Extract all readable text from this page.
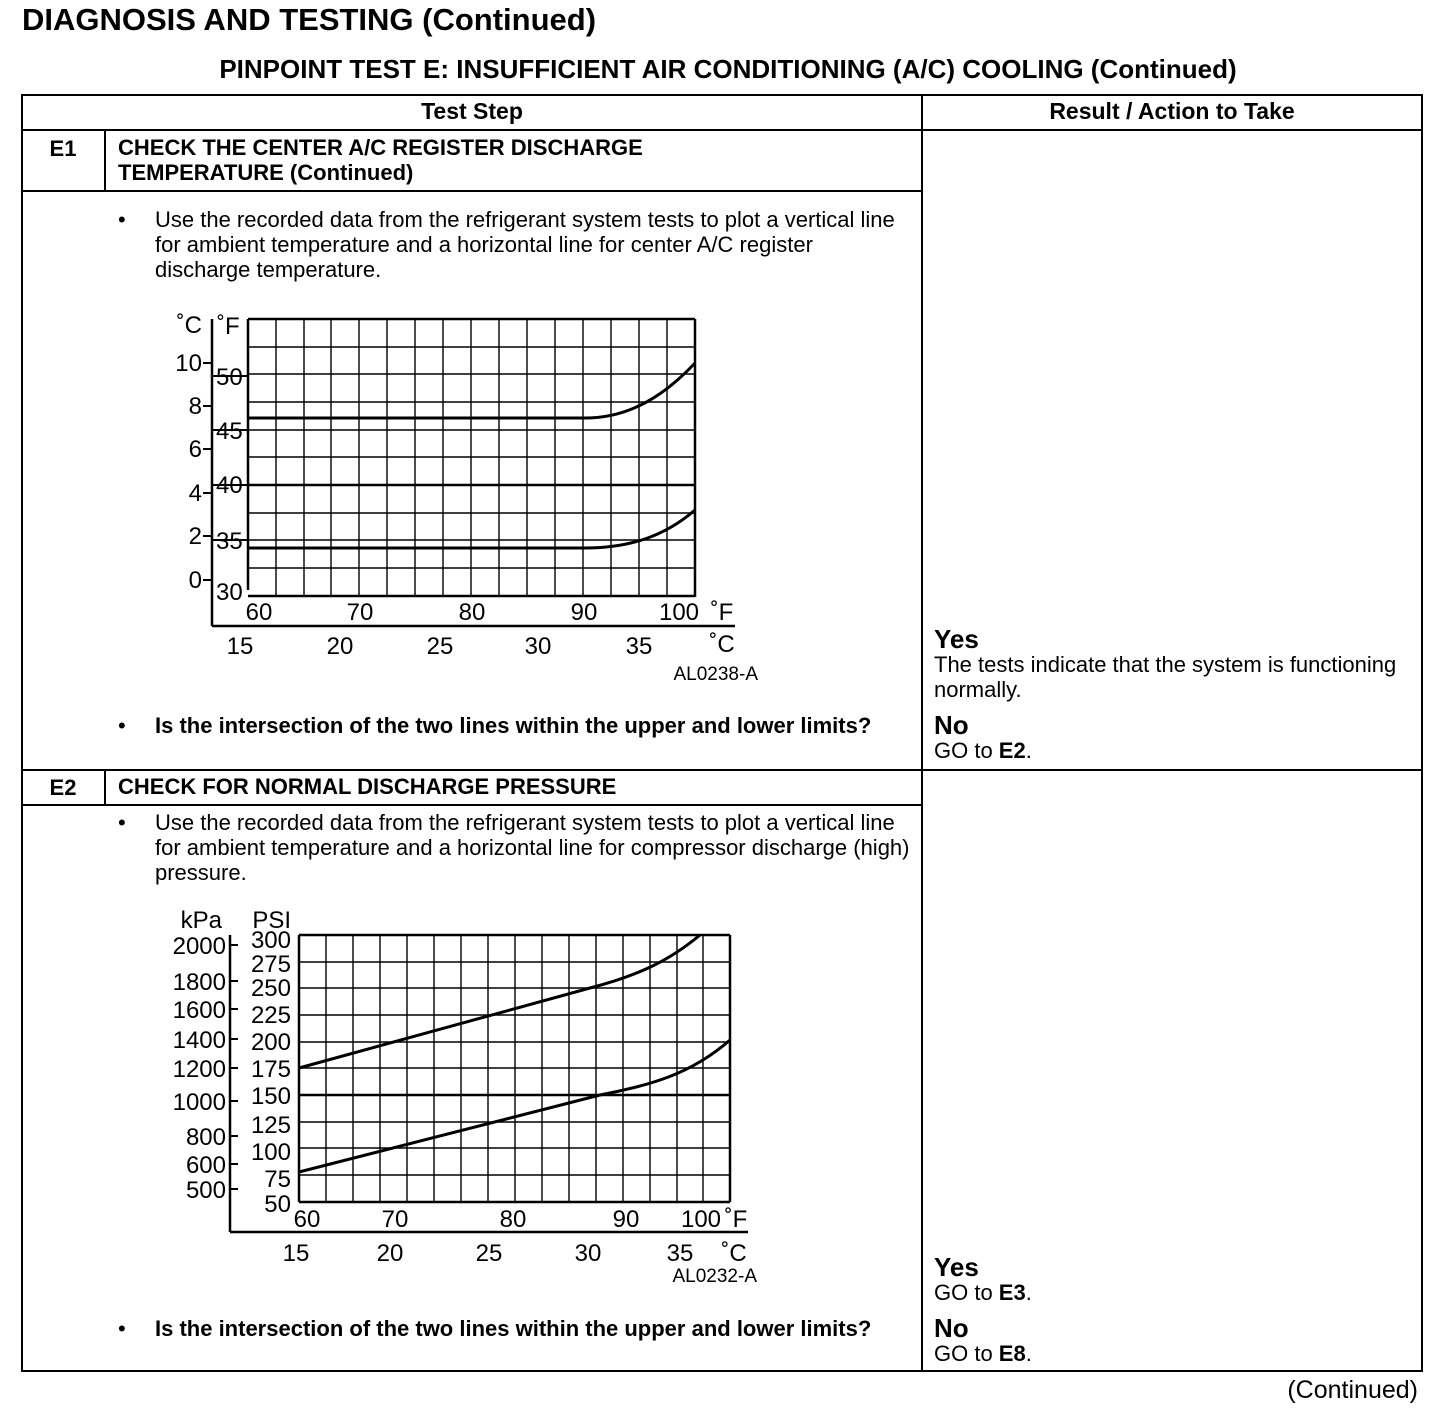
DIAGNOSIS AND TESTING (Continued)
PINPOINT TEST E: INSUFFICIENT AIR CONDITIONING (A/C) COOLING (Continued)
Test Step	Result / Action to Take
E1	CHECK THE CENTER A/C REGISTER DISCHARGE
TEMPERATURE (Continued)
• Use the recorded data from the refrigerant system tests to plot a vertical line for ambient temperature and a horizontal line for center A/C register discharge temperature.
˚C
10
8
6
4
2
0
˚F
50
45
40
35
30
60	70	80	90	100 ˚F
15	20	25	30	35 ˚C
AL0238-A
• Is the intersection of the two lines within the upper and lower limits?
Yes
The tests indicate that the system is functioning normally.
No
GO to E2.
E2	CHECK FOR NORMAL DISCHARGE PRESSURE
• Use the recorded data from the refrigerant system tests to plot a vertical line for ambient temperature and a horizontal line for compressor discharge (high) pressure.
kPa
2000
1800
1600
1400
1200
1000
800
600
500
PSI
300
275
250
225
200
175
150
125
100
75
50
60	70	80	90 100 ˚F
15	20	25	30	35 ˚C
AL0232-A
• Is the intersection of the two lines within the upper and lower limits?
Yes
GO to E3.
No
GO to E8.
(Continued)
